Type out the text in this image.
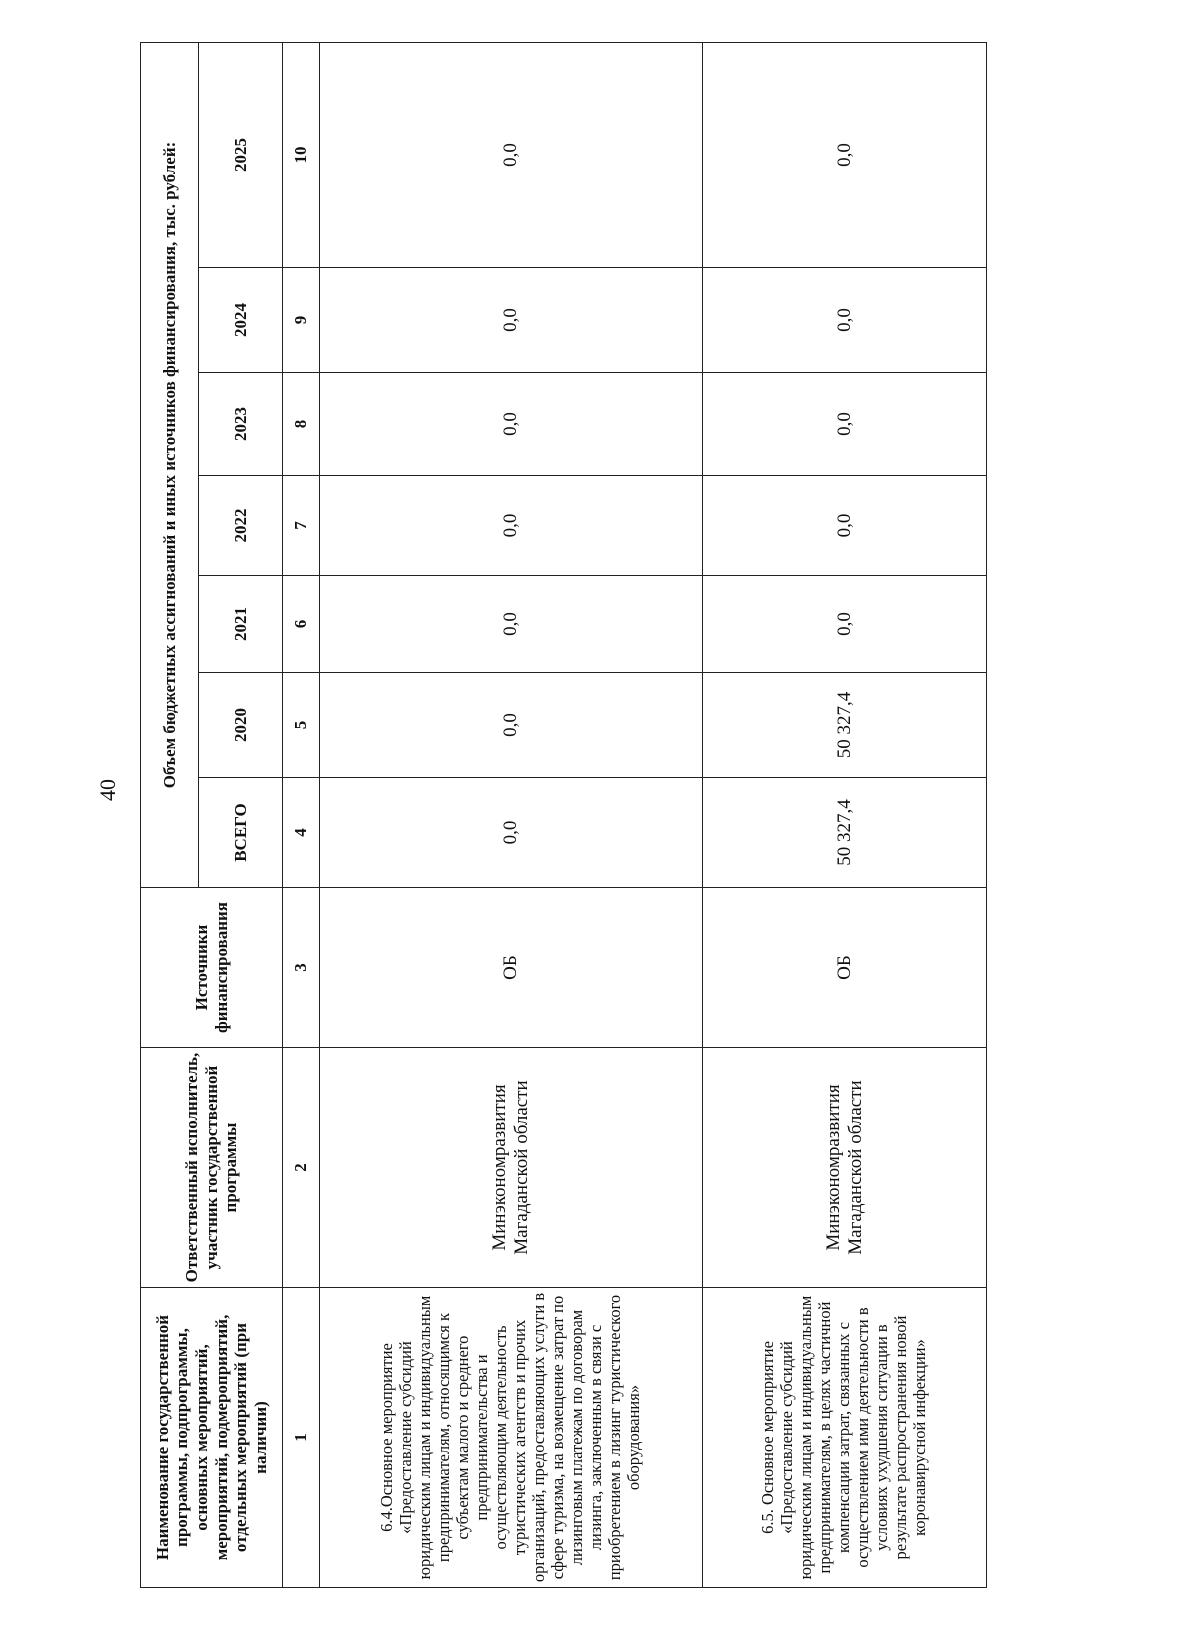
40
Наименование государственной программы, подпрограммы, основных мероприятий, мероприятий, подмероприятий, отдельных мероприятий (при наличии)	Ответственный исполнитель, участник государственной программы	Источники финансирования	Объем бюджетных ассигнований и иных источников финансирования, тыс. рублей:						
			ВСЕГО	2020	2021	2022	2023	2024	2025
1	2	3	4	5	6	7	8	9	10
6.4.Основное мероприятие «Предоставление субсидий юридическим лицам и индивидуальным предпринимателям, относящимся к субъектам малого и среднего предпринимательства и осуществляющим деятельность туристических агентств и прочих организаций, предоставляющих услуги в сфере туризма, на возмещение затрат по лизинговым платежам по договорам лизинга, заключенным в связи с приобретением в лизинг туристического оборудования»	Минэкономразвития Магаданской области	ОБ	0,0	0,0	0,0	0,0	0,0	0,0	0,0
6.5. Основное мероприятие «Предоставление субсидий юридическим лицам и индивидуальным предпринимателям, в целях частичной компенсации затрат, связанных с осуществлением ими деятельности в условиях ухудшения ситуации в результате распространения новой коронавирусной инфекции»	Минэкономразвития Магаданской области	ОБ	50 327,4	50 327,4	0,0	0,0	0,0	0,0	0,0
